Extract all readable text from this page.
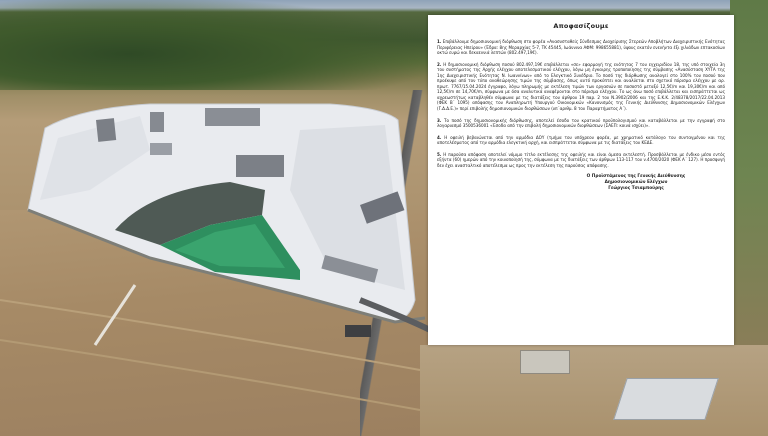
Αποφασίζουμε

1. Επιβάλλουμε δημοσιονομική διόρθωση στο φορέα «Ανασυσταθείς Σύνδεσμος Διαχείρισης Στερεών Αποβλήτων Διαχειριστικής Ενότητας Περιφέρειας Ηπείρου» (Έδρα: 8ης Μεραρχίας 5-7, ΤΚ 45445, Ιωάννινα ΑΦΜ: 998655881), ύψους εκατόν ενενήντα έξι χιλιάδων επτακοσίων οκτώ ευρώ και δεκαεννιά λεπτών (802.497,19€).

2. Η δημοσιονομική διόρθωση ποσού 802.497,19€ επιβάλλεται «σε» εφαρμογή της ενότητας 7 του εγχειριδίου 18, της υπό στοιχεία 3η του συστήματος της Αρχής ελέγχου αποτελεσματικού ελέγχου, λόγω μη έγκαιρης τροποποίησης της σύμβασης «Ανασύσταση ΧΥΤΑ της 1ης Διαχειριστικής Ενότητας Ν. Ιωαννίνων» από το Ελεγκτικό Συνέδριο. Το ποσό της διόρθωσης αναλογεί στο 100% του ποσού που προέκυψε από τον τύπο αναθεώρησης τιμών της σύμβασης, όπως αυτό προκύπτει και αναλύεται στο σχετικό πόρισμα ελέγχου με αρ. πρωτ. 7767/15.04.2024 έγγραφο, λόγω πληρωμής με εκτέλεση τιμών των εργασιών σε ποσοστό μεταξύ 12,5€/m και 19,30€/m και από 12,5€/m σε 14,70€/m, σύμφωνα με όσα αναλυτικά αναφέρονται στο πόρισμα ελέγχου. Το ως άνω ποσό επιβάλλεται και εισπράττεται ως αχρεωστήτως καταβληθέν σύμφωνα με τις διατάξεις του άρθρου 19 παρ. 2 του Ν.3902/2006 και της Ε.Κ.Κ. 2/48378/2017/22.04.2013 (ΦΕΚ Β΄ 1095) απόφασης του Αναπληρωτή Υπουργού Οικονομικών «Κανονισμός της Γενικής Διεύθυνσης Δημοσιονομικών Ελέγχων (Γ.Δ.Δ.Ε.)» περί επιβολής δημοσιονομικών διορθώσεων (υπ΄αριθμ. 8 του Παραρτήματος Α΄).

3. Το ποσό της δημοσιονομικής διόρθωσης, αποτελεί έσοδο του κρατικού προϋπολογισμού και καταβάλλεται με την εγγραφή στο λογαριασμό 3500536001 «Έσοδα από την επιβολή δημοσιονομικών διορθώσεων (ΣΑΕΠ: κοινά ισχύει)».

4. Η οφειλή βεβαιώνεται από την αρμόδια ΔΟΥ (τμήμα του υπόχρεου φορέα, με χρηματικό κατάλογο του συνταγμένου και της αποτελέσματος από την αρμόδια ελεγκτική αρχή, και εισπράττεται σύμφωνα με τις διατάξεις του ΚΕΔΕ.

5. Η παρούσα απόφαση αποτελεί νόμιμο τίτλο εκτέλεσης της οφειλής και είναι άμεσα εκτελεστή. Προσβάλλεται με ένδικο μέσο εντός εξήντα (60) ημερών από την κοινοποίησή της, σύμφωνα με τις διατάξεις των άρθρων 113-117 του ν.4700/2020 (ΦΕΚ Α΄ 127). Η προσφυγή δεν έχει ανασταλτικό αποτέλεσμα ως προς την εκτέλεση της παρούσας απόφασης.

Ο Προϊστάμενος της Γενικής Διεύθυνσης
Δημοσιονομικών Ελέγχων
Γεώργιος Τσιαμπούρης
